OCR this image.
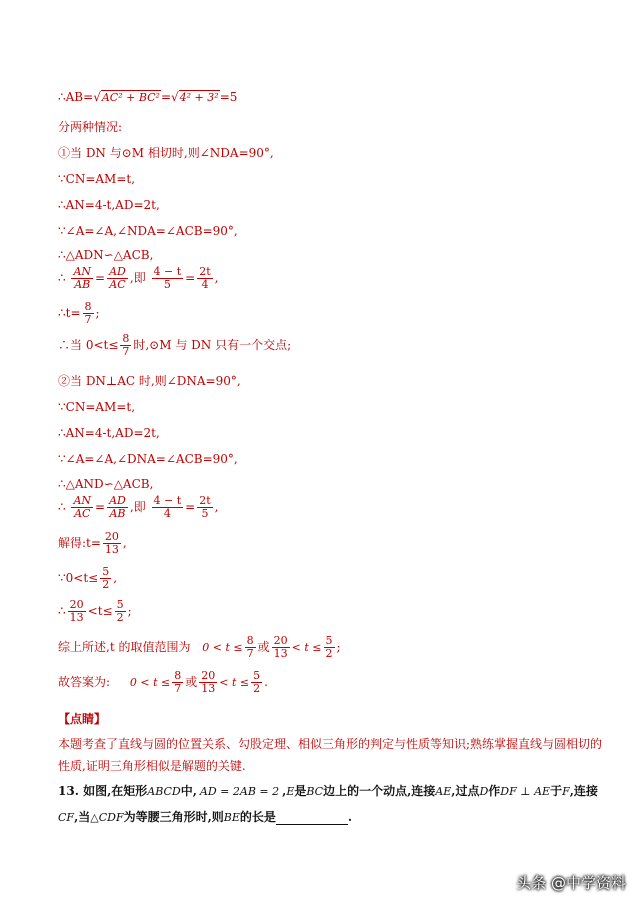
∴AB=√AC² + BC²=√4² + 3²=5
分两种情况:
①当 DN 与⊙M 相切时,则∠NDA=90°,
∵CN=AM=t,
∴AN=4-t,AD=2t,
∵∠A=∠A,∠NDA=∠ACB=90°,
∴△ADN∽△ACB,
∴ $\frac{AN}{AB} = \frac{AD}{AC}$ ,即 $\frac{4 - t}{5} = \frac{2t}{4}$ ,
∴t= $\frac{8}{7}$ ;
∴当 $0<t\le \frac{8}{7}$ 时,⊙M 与 DN 只有一个交点;
②当 DN⊥AC 时,则∠DNA=90°,
∵CN=AM=t,
∴AN=4-t,AD=2t,
∵∠A=∠A,∠DNA=∠ACB=90°,
∴△AND∽△ACB,
∴ $\frac{AN}{AC} = \frac{AD}{AB}$ ,即 $\frac{4 - t}{4} = \frac{2t}{5}$ ,
解得:t= $\frac{20}{13}$ ,
∵0<t≤ $\frac{5}{2}$ ,
∴ $\frac{20}{13} <t\le \frac{5}{2}$ ;
综上所述,t 的取值范围为 $0 < t \le \frac{8}{7}$ 或 $\frac{20}{13} < t \le \frac{5}{2}$ ;
故答案为: $0 < t \le \frac{8}{7}$ 或 $\frac{20}{13} < t \le \frac{5}{2}$ .
【点睛】
本题考查了直线与圆的位置关系、勾股定理、相似三角形的判定与性质等知识;熟练掌握直线与圆相切的
性质,证明三角形相似是解题的关键.
13. 如图,在矩形ABCD中, AD = 2AB = 2 ,E是BC边上的一个动点,连接AE,过点D作DF ⊥ AE于F,连接
CF,当△CDF为等腰三角形时,则BE的长是	.
头条 @中学资料
